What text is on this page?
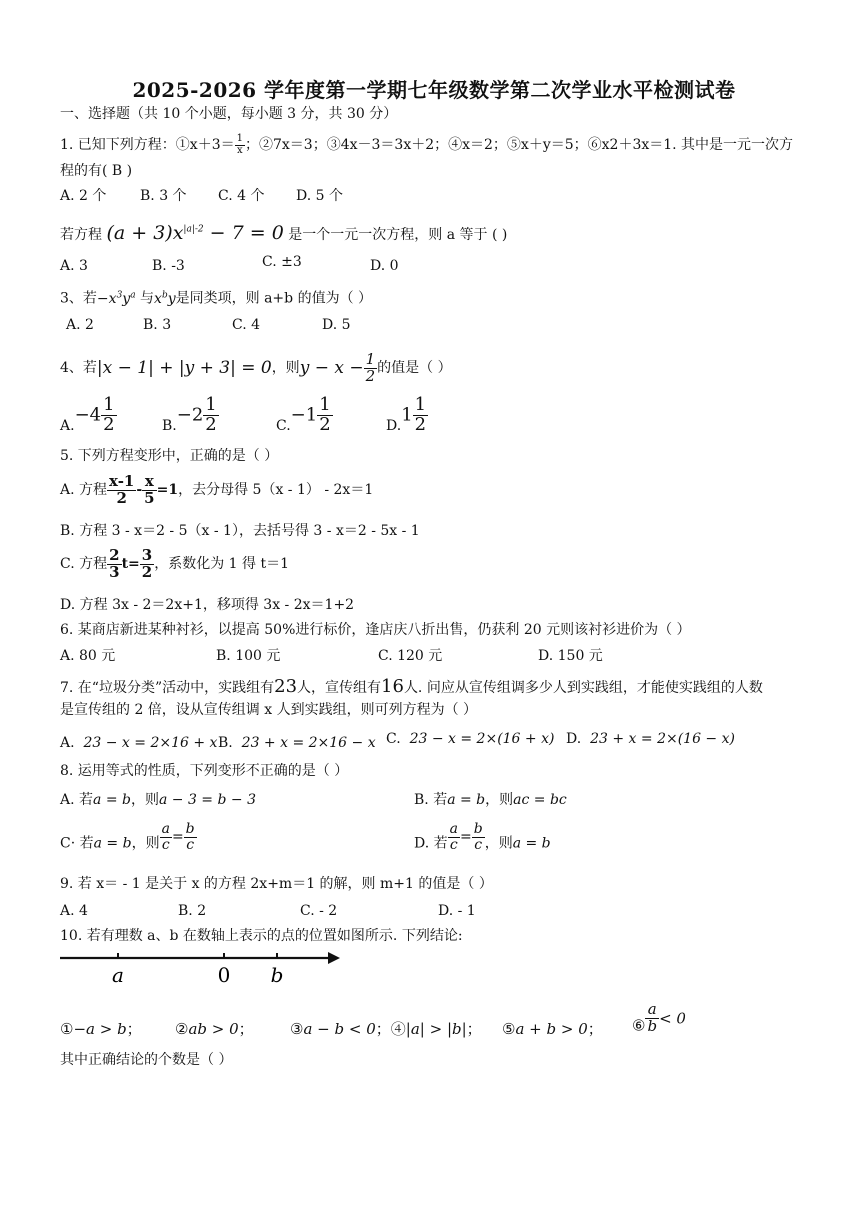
2025-2026 学年度第一学期七年级数学第二次学业水平检测试卷
一、选择题（共 10 个小题，每小题 3 分，共 30 分）
1. 已知下列方程：①x＋3＝ $\frac{1}{x}$ ；②7x＝3；③4x－3＝3x＋2；④x＝2；⑤x＋y＝5；⑥x2＋3x＝1. 其中是一元一次方
程的有( B )
A. 2 个 B. 3 个 C. 4 个 D. 5 个
若方程 $(a + 3)x^{|a|-2} - 7 = 0$ 是一个一元一次方程，则 a 等于 ( )
A. 3	B. -3	C. ±3	D. 0
3、若$-x^3y^a$ 与$x^by$是同类项，则 a+b 的值为（ ）
A. 2	B. 3	C. 4	D. 5
4、若|x − 1| + |y + 3| = 0，则$y - x - \frac{1}{2}$ 的值是（ ）
$A.-4 \frac{1}{2}$	$B.-2 \frac{1}{2}$	$C.-1 \frac{1}{2}$	$D.1 \frac{1}{2}$
5. 下列方程变形中，正确的是（ ）
A. 方程 $\frac{x-1}{2} - \frac{x}{5} =1$，去分母得 5（x - 1） - 2x＝1
B. 方程 3 - x＝2 - 5（x - 1），去括号得 3 - x＝2 - 5x - 1
C. 方程 $\frac{2}{3} t= \frac{3}{2}$ ，系数化为 1 得 t＝1
D. 方程 3x - 2＝2x+1，移项得 3x - 2x＝1+2
6. 某商店新进某种衬衫，以提高 50%进行标价，逢店庆八折出售，仍获利 20 元则该衬衫进价为（ ）
A. 80 元	B. 100 元	C. 120 元	D. 150 元
7. 在“垃圾分类”活动中，实践组有23人，宣传组有16人. 问应从宣传组调多少人到实践组，才能使实践组的人数
是宣传组的 2 倍，设从宣传组调 x 人到实践组，则可列方程为（ ）
A. 23 − x = 2×16 + x B. 23 + x = 2×16 − x C. 23 − x = 2×(16 + x) D. 23 + x = 2×(16 − x)
8. 运用等式的性质，下列变形不正确的是（ ）
A. 若a = b，则a − 3 = b − 3	B. 若a = b，则ac = bc
C· 若a = b，则 $\frac{a}{c} = \frac{b}{c}$	D. 若 $\frac{a}{c} = \frac{b}{c}$ ，则a = b
9. 若 x＝ - 1 是关于 x 的方程 2x+m＝1 的解，则 m+1 的值是（ ）
A. 4	B. 2	C. - 2	D. - 1
10. 若有理数 a、b 在数轴上表示的点的位置如图所示. 下列结论:
a	0 b
①−a > b； ②ab > 0； ③a − b < 0；④|a| > |b|； ⑤a + b > 0； ⑥ $\frac{a}{b} < 0$
其中正确结论的个数是（ ）
